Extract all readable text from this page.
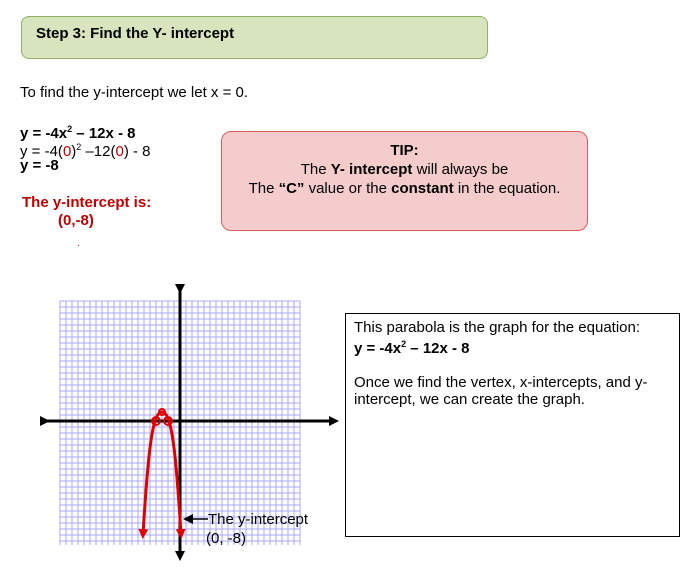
Step 3: Find the Y- intercept
To find the y-intercept we let x = 0.
$y = -4x^2 - 12x - 8$
$y = -4(0)^2$ –12(0) - 8
y = -8
The y-intercept is:
(0,-8)
.
TIP:
The Y- intercept will always be
The “C” value or the constant in the equation.
The y-intercept
(0, -8)
This parabola is the graph for the equation:
$y = -4x^2 - 12x - 8$
Once we find the vertex, x-intercepts, and y-intercept, we can create the graph.
